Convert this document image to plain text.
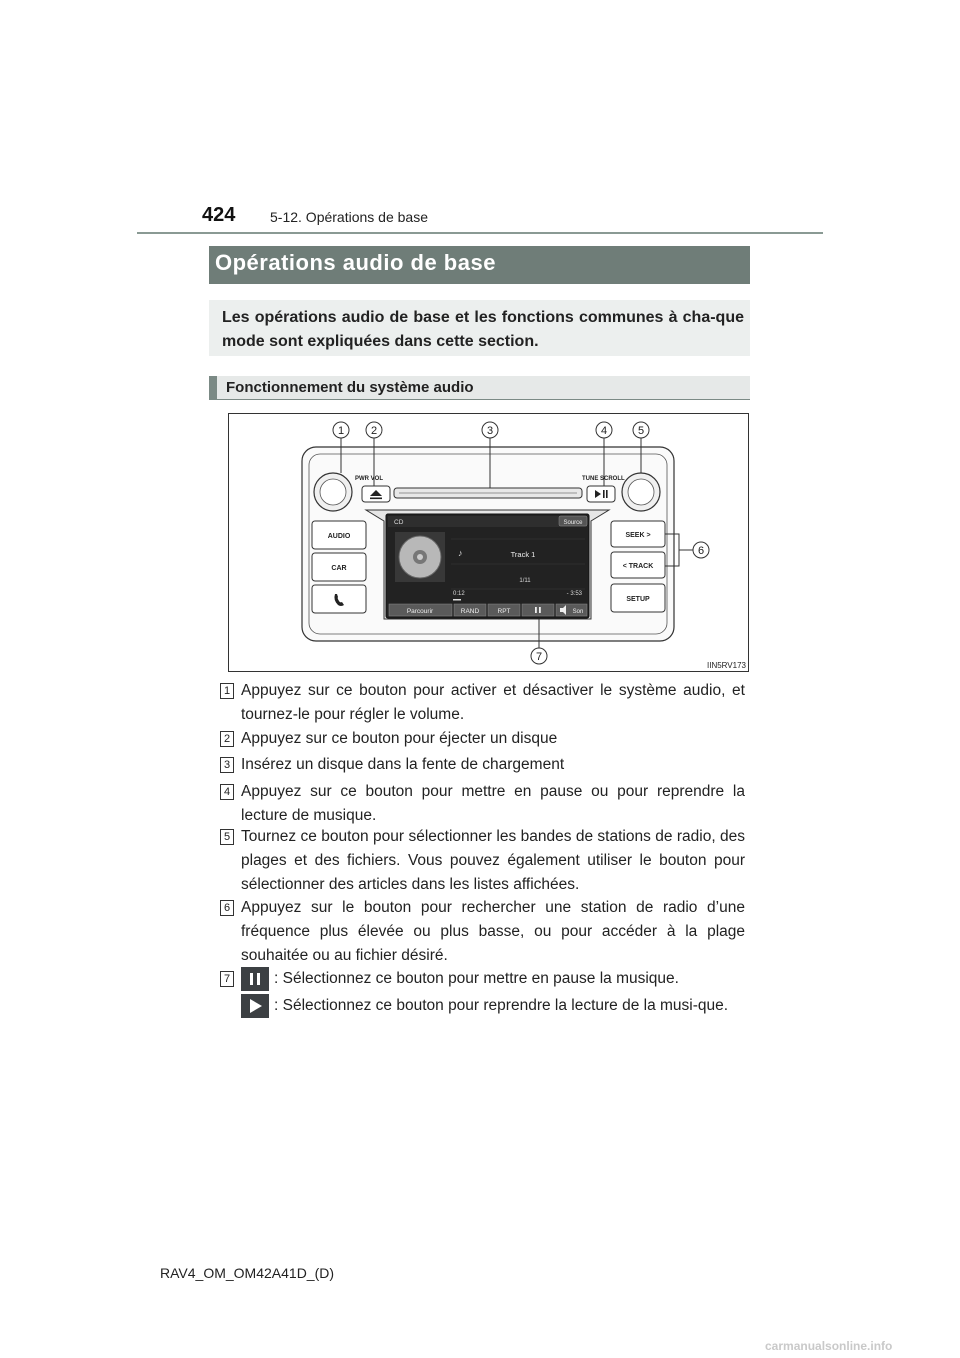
424 5-12. Opérations de base
Opérations audio de base
Les opérations audio de base et les fonctions communes à cha-que mode sont expliquées dans cette section.
Fonctionnement du système audio
PWR VOL	TUNE SCROLL
AUDIO
CAR
SEEK >
< TRACK
SETUP
CD	Source
♪	Track 1
1/11
0:12	- 3:53
Parcourir	RAND	RPT	Son
1 2	3	4	5
6
7
IIN5RV173
1 Appuyez sur ce bouton pour activer et désactiver le système audio, et tournez-le pour régler le volume.
2 Appuyez sur ce bouton pour éjecter un disque
3 Insérez un disque dans la fente de chargement
4 Appuyez sur ce bouton pour mettre en pause ou pour reprendre la lecture de musique.
5 Tournez ce bouton pour sélectionner les bandes de stations de radio, des plages et des fichiers. Vous pouvez également utiliser le bouton pour sélectionner des articles dans les listes affichées.
6 Appuyez sur le bouton pour rechercher une station de radio d’une fréquence plus élevée ou plus basse, ou pour accéder à la plage souhaitée ou au fichier désiré.
7	: Sélectionnez ce bouton pour mettre en pause la musique.
: Sélectionnez ce bouton pour reprendre la lecture de la musi-que.
RAV4_OM_OM42A41D_(D)
carmanualsonline.info
